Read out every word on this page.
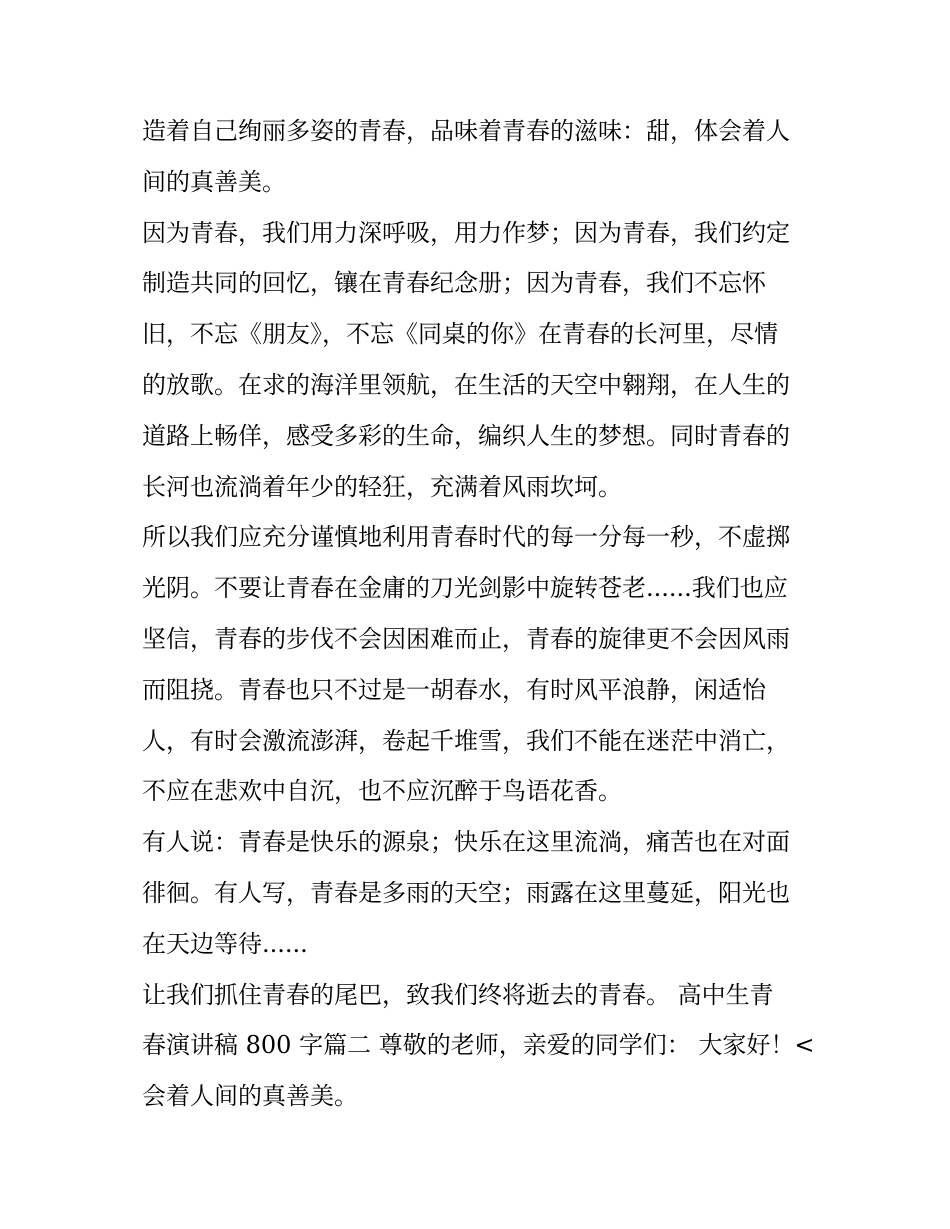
造着自己绚丽多姿的青春，品味着青春的滋味：甜，体会着人
间的真善美。
因为青春，我们用力深呼吸，用力作梦；因为青春，我们约定
制造共同的回忆，镶在青春纪念册；因为青春，我们不忘怀
旧，不忘《朋友》，不忘《同桌的你》在青春的长河里，尽情
的放歌。在求的海洋里领航，在生活的天空中翱翔，在人生的
道路上畅佯，感受多彩的生命，编织人生的梦想。同时青春的
长河也流淌着年少的轻狂，充满着风雨坎坷。
所以我们应充分谨慎地利用青春时代的每一分每一秒，不虚掷
光阴。不要让青春在金庸的刀光剑影中旋转苍老......我们也应
坚信，青春的步伐不会因困难而止，青春的旋律更不会因风雨
而阻挠。青春也只不过是一胡春水，有时风平浪静，闲适怡
人，有时会激流澎湃，卷起千堆雪，我们不能在迷茫中消亡，
不应在悲欢中自沉，也不应沉醉于鸟语花香。
有人说：青春是快乐的源泉；快乐在这里流淌，痛苦也在对面
徘徊。有人写，青春是多雨的天空；雨露在这里蔓延，阳光也
在天边等待......
让我们抓住青春的尾巴，致我们终将逝去的青春。 高中生青
春演讲稿 800 字篇二 尊敬的老师，亲爱的同学们： 大家好！<
会着人间的真善美。
